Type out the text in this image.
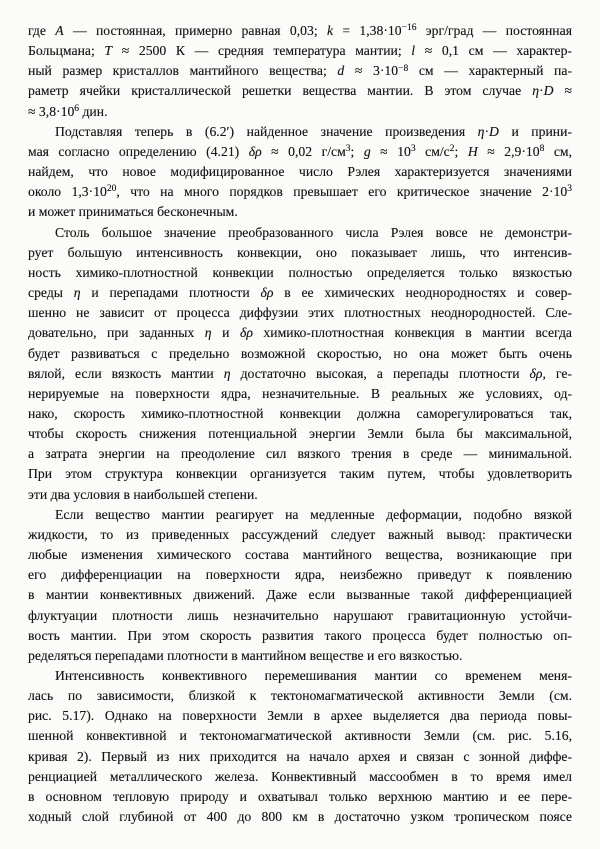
где A — постоянная, примерно равная 0,03; $k = 1,38\cdot 10^{-16}$ эрг/град — постоянная
Больцмана; T ≈ 2500 К — средняя температура мантии; l ≈ 0,1 см — характер-
ный размер кристаллов мантийного вещества; $d \approx 3\cdot 10^{-8}$ см — характерный па-
раметр ячейки кристаллической решетки вещества мантии. В этом случае η·D ≈
≈ $3,8\cdot 10^6$ дин.
Подставляя теперь в (6.2′) найденное значение произведения η·D и прини-
мая согласно определению (4.21) δρ ≈ 0,02 $г/см^3$; $g \approx 10^3$ $см/с^2$; $H \approx 2,9\cdot 10^8$ см,
найдем, что новое модифицированное число Рэлея характеризуется значениями
около $1,3\cdot 10^{20}$, что на много порядков превышает его критическое значение $2\cdot 10^3$
и может приниматься бесконечным.
Столь большое значение преобразованного числа Рэлея вовсе не демонстри-
рует большую интенсивность конвекции, оно показывает лишь, что интенсив-
ность химико-плотностной конвекции полностью определяется только вязкостью
среды η и перепадами плотности δρ в ее химических неоднородностях и совер-
шенно не зависит от процесса диффузии этих плотностных неоднородностей. Сле-
довательно, при заданных η и δρ химико-плотностная конвекция в мантии всегда
будет развиваться с предельно возможной скоростью, но она может быть очень
вялой, если вязкость мантии η достаточно высокая, а перепады плотности δρ, ге-
нерируемые на поверхности ядра, незначительные. В реальных же условиях, од-
нако, скорость химико-плотностной конвекции должна саморегулироваться так,
чтобы скорость снижения потенциальной энергии Земли была бы максимальной,
а затрата энергии на преодоление сил вязкого трения в среде — минимальной.
При этом структура конвекции организуется таким путем, чтобы удовлетворить
эти два условия в наибольшей степени.
Если вещество мантии реагирует на медленные деформации, подобно вязкой
жидкости, то из приведенных рассуждений следует важный вывод: практически
любые изменения химического состава мантийного вещества, возникающие при
его дифференциации на поверхности ядра, неизбежно приведут к появлению
в мантии конвективных движений. Даже если вызванные такой дифференциацией
флуктуации плотности лишь незначительно нарушают гравитационную устойчи-
вость мантии. При этом скорость развития такого процесса будет полностью оп-
ределяться перепадами плотности в мантийном веществе и его вязкостью.
Интенсивность конвективного перемешивания мантии со временем меня-
лась по зависимости, близкой к тектономагматической активности Земли (см.
рис. 5.17). Однако на поверхности Земли в архее выделяется два периода повы-
шенной конвективной и тектономагматической активности Земли (см. рис. 5.16,
кривая 2). Первый из них приходится на начало архея и связан с зонной диффе-
ренциацией металлического железа. Конвективный массообмен в то время имел
в основном тепловую природу и охватывал только верхнюю мантию и ее пере-
ходный слой глубиной от 400 до 800 км в достаточно узком тропическом поясе
